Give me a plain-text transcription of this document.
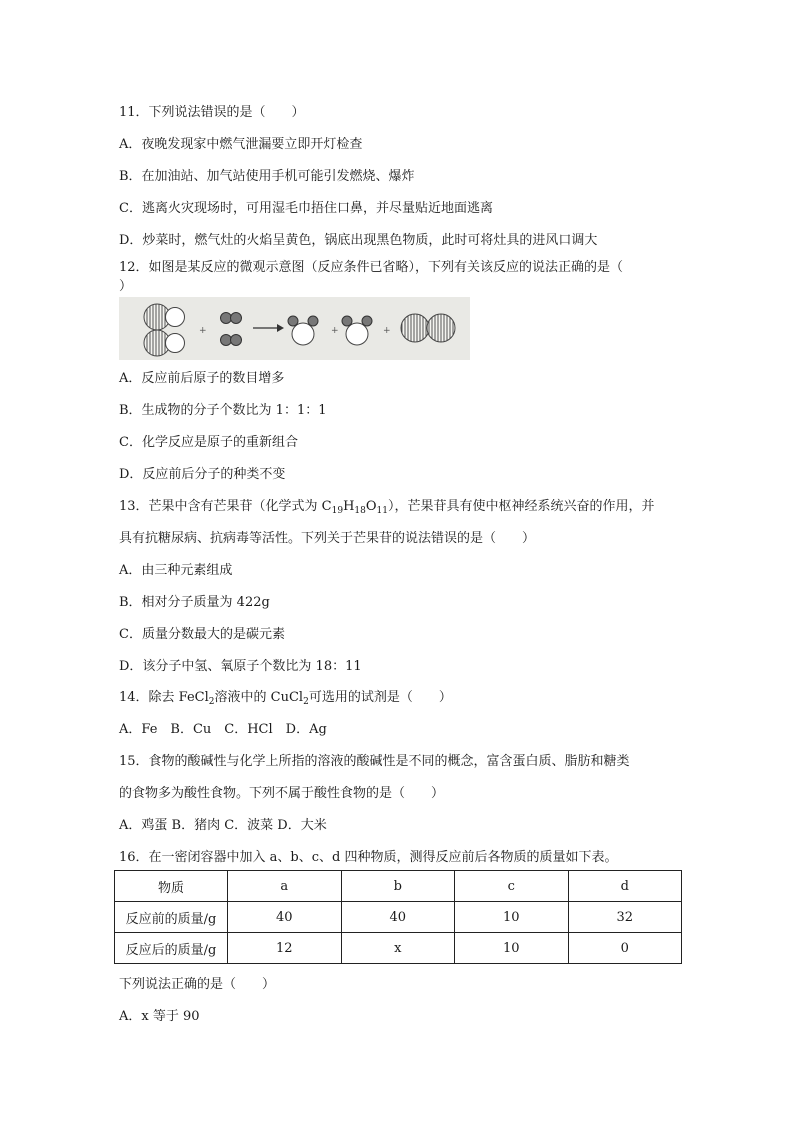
11．下列说法错误的是（　　）
A．夜晚发现家中燃气泄漏要立即开灯检查
B．在加油站、加气站使用手机可能引发燃烧、爆炸
C．逃离火灾现场时，可用湿毛巾捂住口鼻，并尽量贴近地面逃离
D．炒菜时，燃气灶的火焰呈黄色，锅底出现黑色物质，此时可将灶具的进风口调大
12．如图是某反应的微观示意图（反应条件已省略），下列有关该反应的说法正确的是（
）
+	+	+
A．反应前后原子的数目增多
B．生成物的分子个数比为 1：1：1
C．化学反应是原子的重新组合
D．反应前后分子的种类不变
13．芒果中含有芒果苷（化学式为 $C_{19}H_{18}O_{11}$），芒果苷具有使中枢神经系统兴奋的作用，并
具有抗糖尿病、抗病毒等活性。下列关于芒果苷的说法错误的是（　　）
A．由三种元素组成
B．相对分子质量为 422g
C．质量分数最大的是碳元素
D．该分子中氢、氧原子个数比为 18：11
14．除去 FeCl$_2$溶液中的 CuCl$_2$可选用的试剂是（　　）
A．Fe　B．Cu　C．HCl　D．Ag
15．食物的酸碱性与化学上所指的溶液的酸碱性是不同的概念，富含蛋白质、脂肪和糖类
的食物多为酸性食物。下列不属于酸性食物的是（　　）
A．鸡蛋 B．猪肉 C．波菜 D．大米
16．在一密闭容器中加入 a、b、c、d 四种物质，测得反应前后各物质的质量如下表。
物质	a	b	c	d
反应前的质量/g	40	40	10	32
反应后的质量/g	12	x	10	0
下列说法正确的是（　　）
A．x 等于 90
